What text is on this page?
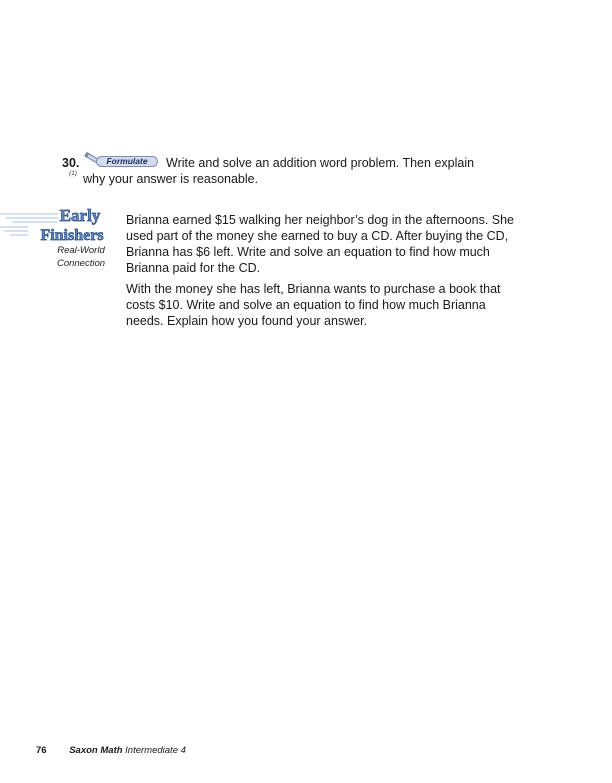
30.
(1)
Formulate	Write and solve an addition word problem. Then explain
why your answer is reasonable.
Early
Finishers
Real-World
Connection

Brianna earned $15 walking her neighbor’s dog in the afternoons. She used part of the money she earned to buy a CD. After buying the CD, Brianna has $6 left. Write and solve an equation to find how much Brianna paid for the CD.

With the money she has left, Brianna wants to purchase a book that costs $10. Write and solve an equation to find how much Brianna needs. Explain how you found your answer.

76 Saxon Math Intermediate 4
